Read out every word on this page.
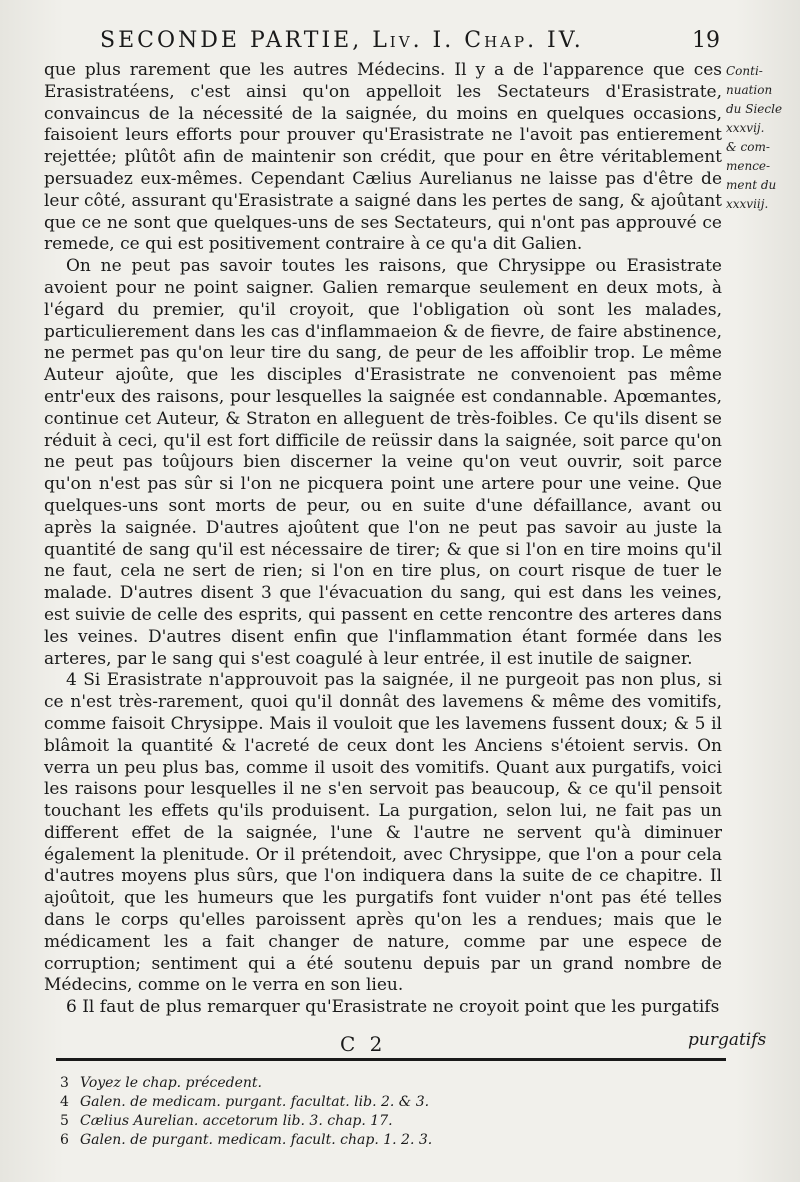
SECONDE PARTIE, Liv. I. Chap. IV.	19
Conti-
nuation
du Siecle
xxxvij.
& com-
mence-
ment du
xxxviij.

que plus rarement que les autres Médecins. Il y a de l'apparence que ces Erasistratéens, c'est ainsi qu'on appelloit les Sectateurs d'Erasistrate, convaincus de la nécessité de la saignée, du moins en quelques occasions, faisoient leurs efforts pour prouver qu'Erasistrate ne l'avoit pas entierement rejettée; plûtôt afin de maintenir son crédit, que pour en être véritablement persuadez eux-mêmes. Cependant Cælius Aurelianus ne laisse pas d'être de leur côté, assurant qu'Erasistrate a saigné dans les pertes de sang, & ajoûtant que ce ne sont que quelques-uns de ses Sectateurs, qui n'ont pas approuvé ce remede, ce qui est positivement contraire à ce qu'a dit Galien.

On ne peut pas savoir toutes les raisons, que Chrysippe ou Erasistrate avoient pour ne point saigner. Galien remarque seulement en deux mots, à l'égard du premier, qu'il croyoit, que l'obligation où sont les malades, particulierement dans les cas d'inflammaeion & de fievre, de faire abstinence, ne permet pas qu'on leur tire du sang, de peur de les affoiblir trop. Le même Auteur ajoûte, que les disciples d'Erasistrate ne convenoient pas même entr'eux des raisons, pour lesquelles la saignée est condannable. Apœmantes, continue cet Auteur, & Straton en alleguent de très-foibles. Ce qu'ils disent se réduit à ceci, qu'il est fort difficile de reüssir dans la saignée, soit parce qu'on ne peut pas toûjours bien discerner la veine qu'on veut ouvrir, soit parce qu'on n'est pas sûr si l'on ne picquera point une artere pour une veine. Que quelques-uns sont morts de peur, ou en suite d'une défaillance, avant ou après la saignée. D'autres ajoûtent que l'on ne peut pas savoir au juste la quantité de sang qu'il est nécessaire de tirer; & que si l'on en tire moins qu'il ne faut, cela ne sert de rien; si l'on en tire plus, on court risque de tuer le malade. D'autres disent 3 que l'évacuation du sang, qui est dans les veines, est suivie de celle des esprits, qui passent en cette rencontre des arteres dans les veines. D'autres disent enfin que l'inflammation étant formée dans les arteres, par le sang qui s'est coagulé à leur entrée, il est inutile de saigner.

4 Si Erasistrate n'approuvoit pas la saignée, il ne purgeoit pas non plus, si ce n'est très-rarement, quoi qu'il donnât des lavemens & même des vomitifs, comme faisoit Chrysippe. Mais il vouloit que les lavemens fussent doux; & 5 il blâmoit la quantité & l'acreté de ceux dont les Anciens s'étoient servis. On verra un peu plus bas, comme il usoit des vomitifs. Quant aux purgatifs, voici les raisons pour lesquelles il ne s'en servoit pas beaucoup, & ce qu'il pensoit touchant les effets qu'ils produisent. La purgation, selon lui, ne fait pas un different effet de la saignée, l'une & l'autre ne servent qu'à diminuer également la plenitude. Or il prétendoit, avec Chrysippe, que l'on a pour cela d'autres moyens plus sûrs, que l'on indiquera dans la suite de ce chapitre. Il ajoûtoit, que les humeurs que les purgatifs font vuider n'ont pas été telles dans le corps qu'elles paroissent après qu'on les a rendues; mais que le médicament les a fait changer de nature, comme par une espece de corruption; sentiment qui a été soutenu depuis par un grand nombre de Médecins, comme on le verra en son lieu.

6 Il faut de plus remarquer qu'Erasistrate ne croyoit point que les purgatifs

C 2	purgatifs
3 Voyez le chap. précedent.
4 Galen. de medicam. purgant. facultat. lib. 2. & 3.
5 Cælius Aurelian. accetorum lib. 3. chap. 17.
6 Galen. de purgant. medicam. facult. chap. 1. 2. 3.
